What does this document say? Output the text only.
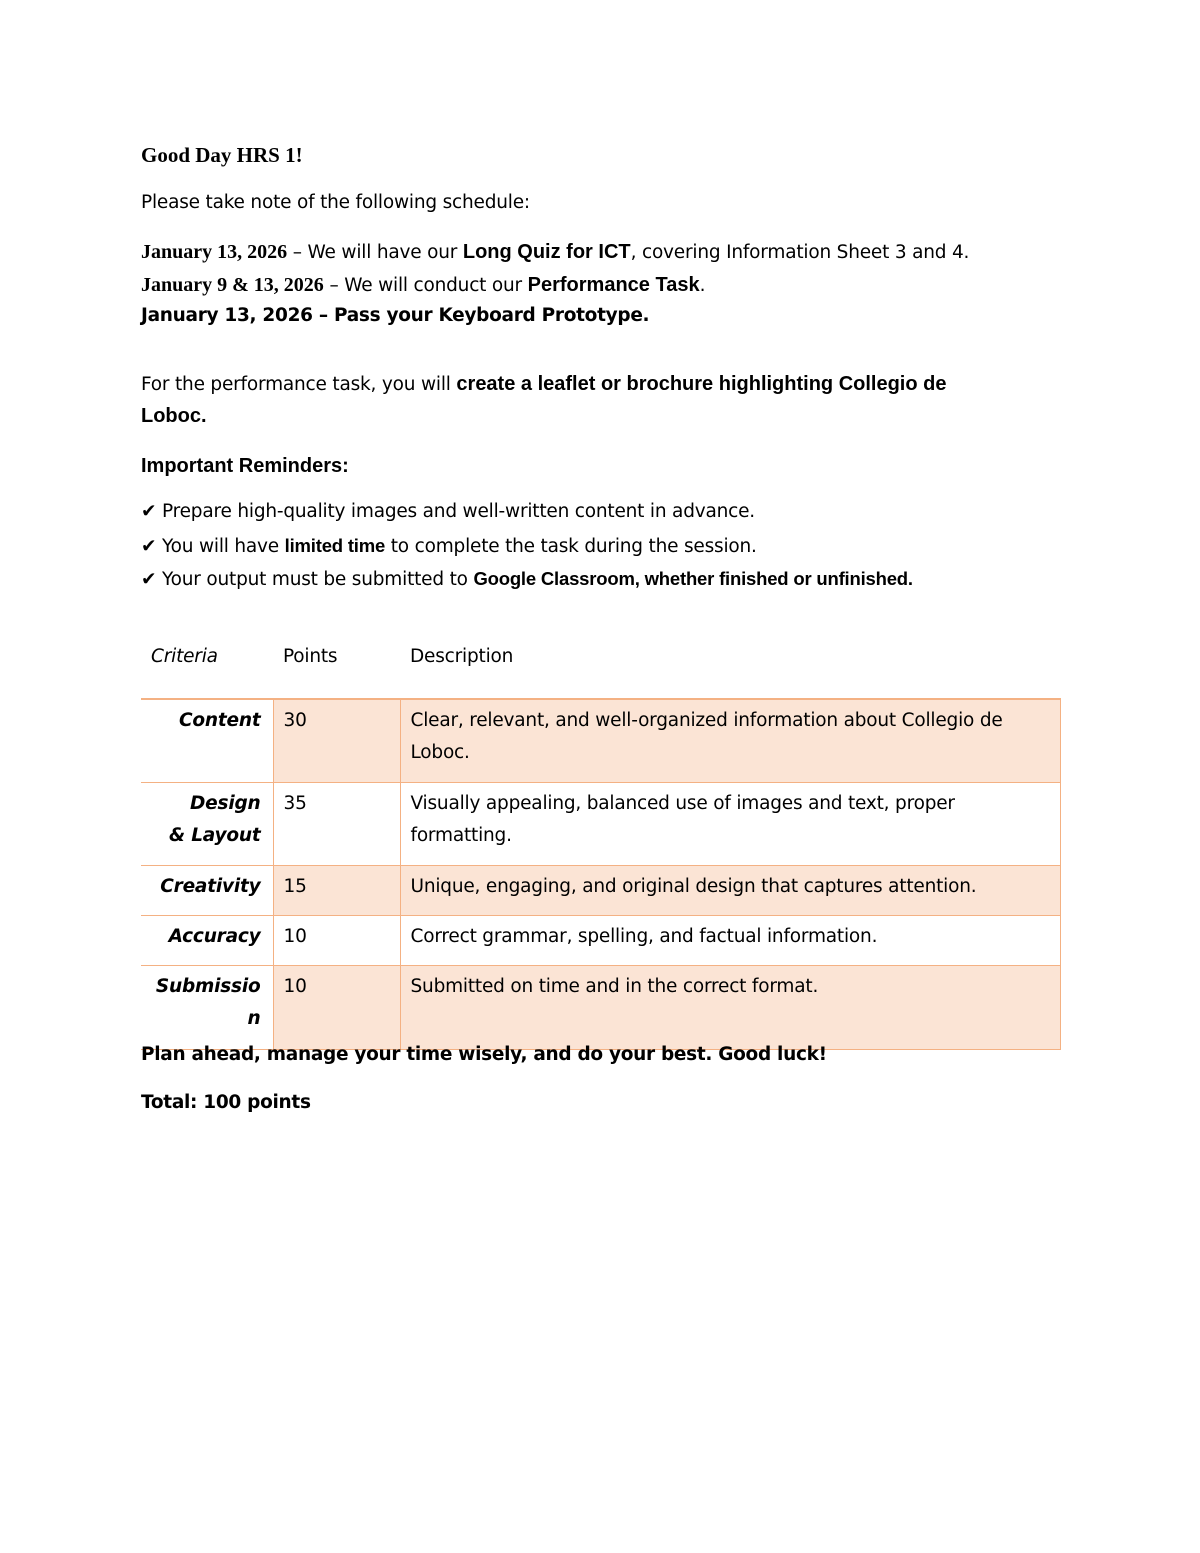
Good Day HRS 1!
Please take note of the following schedule:
January 13, 2026 – We will have our Long Quiz for ICT, covering Information Sheet 3 and 4.
January 9 & 13, 2026 – We will conduct our Performance Task.
January 13, 2026 – Pass your Keyboard Prototype.
For the performance task, you will create a leaflet or brochure highlighting Collegio de
Loboc.
Important Reminders:
✔ Prepare high-quality images and well-written content in advance.
✔ You will have limited time to complete the task during the session.
✔ Your output must be submitted to Google Classroom, whether finished or unfinished.
Criteria	Points	Description
Content	30	Clear, relevant, and well-organized information about Collegio de Loboc.

Design & Layout	35	Visually appealing, balanced use of images and text, proper formatting.
Creativity	15	Unique, engaging, and original design that captures attention.
Accuracy	10	Correct grammar, spelling, and factual information.
Submission	10	Submitted on time and in the correct format.
Plan ahead, manage your time wisely, and do your best. Good luck!
Total: 100 points
